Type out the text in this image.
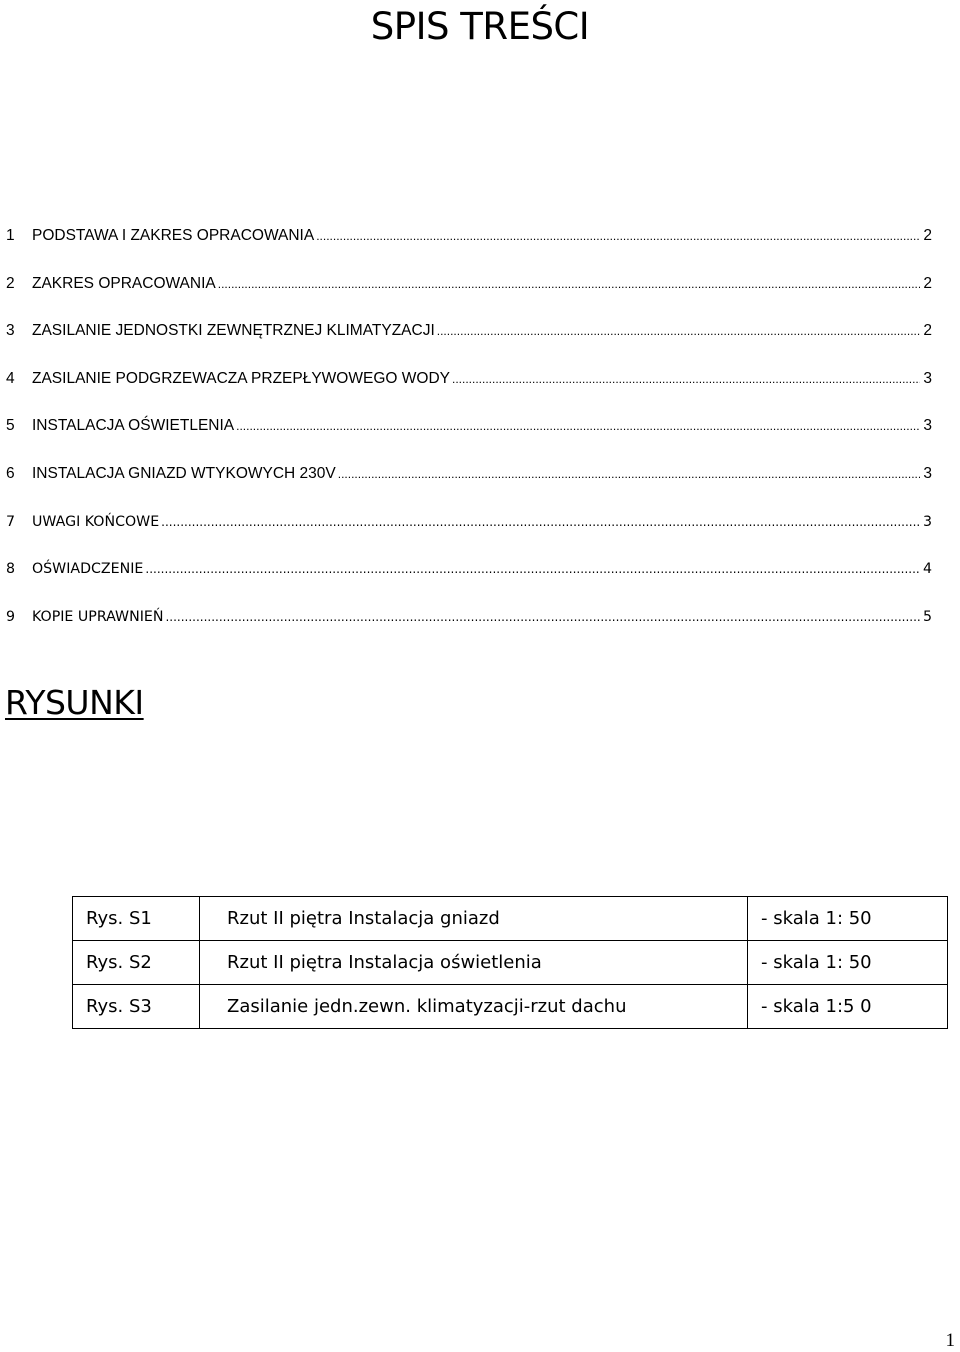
SPIS TREŚCI
1	PODSTAWA I ZAKRES OPRACOWANIA .....	2
2	ZAKRES OPRACOWANIA .....	2
3	ZASILANIE JEDNOSTKI ZEWNĘTRZNEJ KLIMATYZACJI .....	2
4	ZASILANIE PODGRZEWACZA PRZEPŁYWOWEGO WODY .....	3
5	INSTALACJA OŚWIETLENIA .....	3
6	INSTALACJA GNIAZD WTYKOWYCH 230V .....	3
7	UWAGI KOŃCOWE .....	3
8	OŚWIADCZENIE .....	4
9	KOPIE UPRAWNIEŃ .....	5
RYSUNKI
Rys. S1	Rzut II piętra Instalacja gniazd	- skala 1: 50
Rys. S2	Rzut II piętra Instalacja oświetlenia	- skala 1: 50
Rys. S3	Zasilanie jedn.zewn. klimatyzacji-rzut dachu	- skala 1:5 0
1
